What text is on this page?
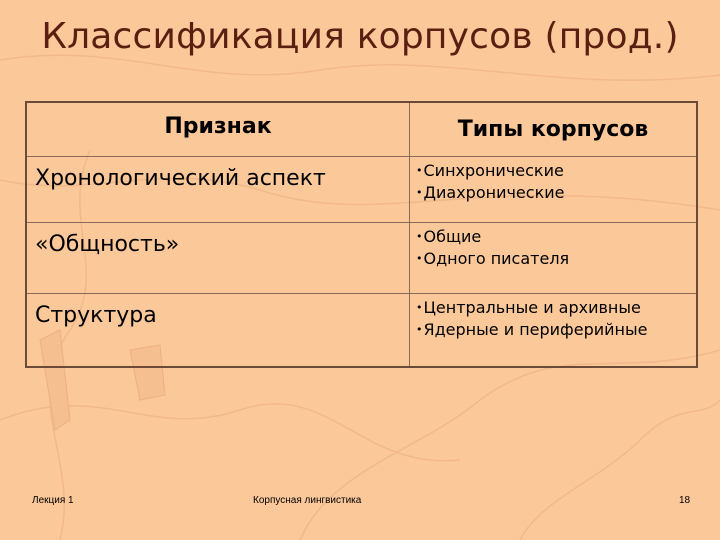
Классификация корпусов (прод.)
Признак	Типы корпусов
Хронологический аспект	• Синхронические
• Диахронические

«Общность»	• Общие
• Одного писателя

Структура	• Центральные и архивные
• Ядерные и периферийные
Лекция 1	Корпусная лингвистика	18
